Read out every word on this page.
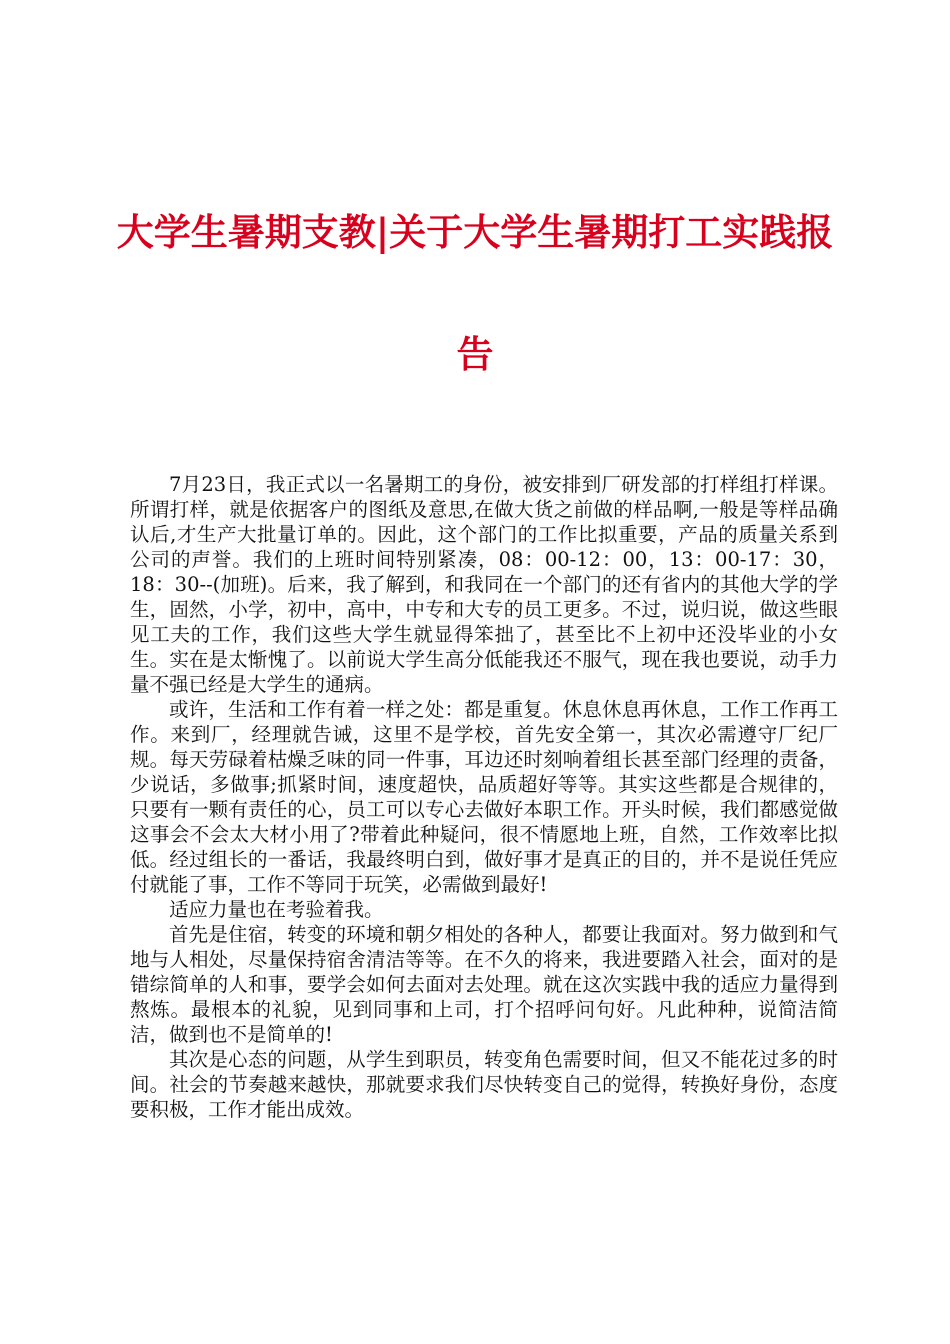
大学生暑期支教|关于大学生暑期打工实践报
告

7月23日，我正式以一名暑期工的身份，被安排到厂研发部的打样组打样课。所谓打样，就是依据客户的图纸及意思,在做大货之前做的样品啊,一般是等样品确认后,才生产大批量订单的。因此，这个部门的工作比拟重要，产品的质量关系到公司的声誉。我们的上班时间特别紧凑，08：00-12：00，13：00-17：30，18：30--(加班)。后来，我了解到，和我同在一个部门的还有省内的其他大学的学生，固然，小学，初中，高中，中专和大专的员工更多。不过，说归说，做这些眼见工夫的工作，我们这些大学生就显得笨拙了，甚至比不上初中还没毕业的小女生。实在是太惭愧了。以前说大学生高分低能我还不服气，现在我也要说，动手力量不强已经是大学生的通病。

或许，生活和工作有着一样之处：都是重复。休息休息再休息，工作工作再工作。来到厂，经理就告诫，这里不是学校，首先安全第一，其次必需遵守厂纪厂规。每天劳碌着枯燥乏味的同一件事，耳边还时刻响着组长甚至部门经理的责备，少说话，多做事;抓紧时间，速度超快，品质超好等等。其实这些都是合规律的，只要有一颗有责任的心，员工可以专心去做好本职工作。开头时候，我们都感觉做这事会不会太大材小用了?带着此种疑问，很不情愿地上班，自然，工作效率比拟低。经过组长的一番话，我最终明白到，做好事才是真正的目的，并不是说任凭应付就能了事，工作不等同于玩笑，必需做到最好!

适应力量也在考验着我。

首先是住宿，转变的环境和朝夕相处的各种人，都要让我面对。努力做到和气地与人相处，尽量保持宿舍清洁等等。在不久的将来，我进要踏入社会，面对的是错综简单的人和事，要学会如何去面对去处理。就在这次实践中我的适应力量得到熬炼。最根本的礼貌，见到同事和上司，打个招呼问句好。凡此种种，说简洁简洁，做到也不是简单的!

其次是心态的问题，从学生到职员，转变角色需要时间，但又不能花过多的时间。社会的节奏越来越快，那就要求我们尽快转变自己的觉得，转换好身份，态度要积极，工作才能出成效。
